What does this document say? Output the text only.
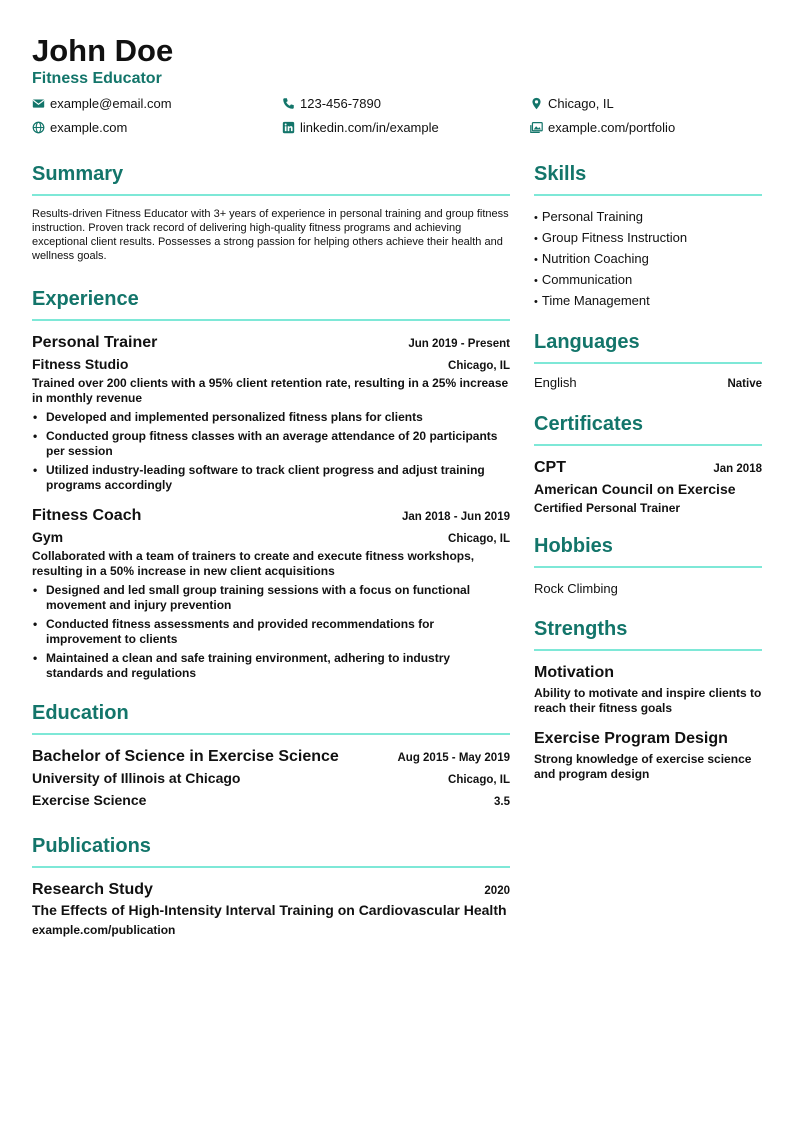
John Doe
Fitness Educator
example@email.com	123-456-7890	Chicago, IL
example.com	linkedin.com/in/example	example.com/portfolio
Summary
Results-driven Fitness Educator with 3+ years of experience in personal training and group fitness instruction. Proven track record of delivering high-quality fitness programs and achieving exceptional client results. Possesses a strong passion for helping others achieve their health and wellness goals.
Experience
Personal Trainer	Jun 2019 - Present
Fitness Studio	Chicago, IL
Trained over 200 clients with a 95% client retention rate, resulting in a 25% increase in monthly revenue
• Developed and implemented personalized fitness plans for clients
• Conducted group fitness classes with an average attendance of 20 participants per session
• Utilized industry-leading software to track client progress and adjust training programs accordingly
Fitness Coach	Jan 2018 - Jun 2019
Gym	Chicago, IL
Collaborated with a team of trainers to create and execute fitness workshops, resulting in a 50% increase in new client acquisitions
• Designed and led small group training sessions with a focus on functional movement and injury prevention
• Conducted fitness assessments and provided recommendations for improvement to clients
• Maintained a clean and safe training environment, adhering to industry standards and regulations
Education
Bachelor of Science in Exercise Science	Aug 2015 - May 2019
University of Illinois at Chicago	Chicago, IL
Exercise Science	3.5
Publications
Research Study	2020
The Effects of High-Intensity Interval Training on Cardiovascular Health
example.com/publication
Skills
• Personal Training
• Group Fitness Instruction
• Nutrition Coaching
• Communication
• Time Management
Languages
English	Native
Certificates
CPT	Jan 2018
American Council on Exercise
Certified Personal Trainer
Hobbies
Rock Climbing
Strengths
Motivation
Ability to motivate and inspire clients to reach their fitness goals
Exercise Program Design
Strong knowledge of exercise science and program design
